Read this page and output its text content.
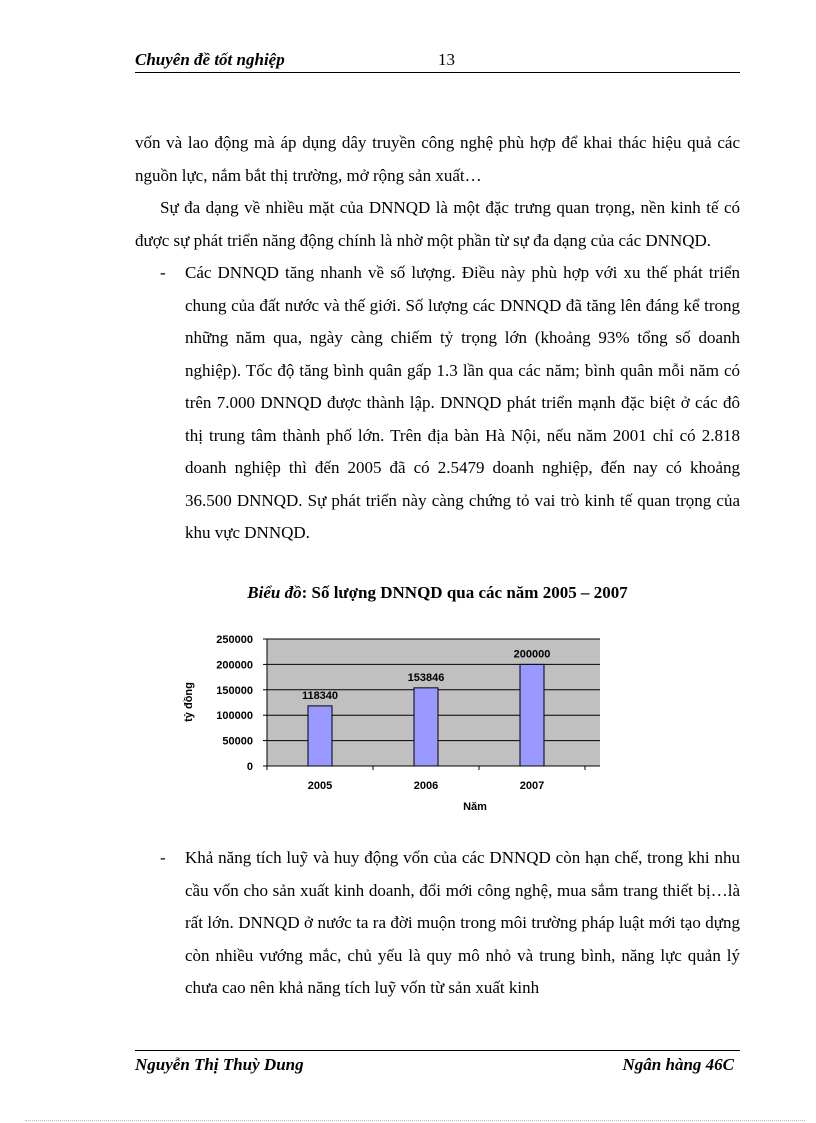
Chuyên đề tốt nghiệp	13

vốn và lao động mà áp dụng dây truyền công nghệ phù hợp để khai thác hiệu quả các nguồn lực, nắm bắt thị trường, mở rộng sản xuất…

Sự đa dạng về nhiều mặt của DNNQD là một đặc trưng quan trọng, nền kinh tế có được sự phát triển năng động chính là nhờ một phần từ sự đa dạng của các DNNQD.

- Các DNNQD tăng nhanh về số lượng. Điều này phù hợp với xu thế phát triển chung của đất nước và thế giới. Số lượng các DNNQD đã tăng lên đáng kể trong những năm qua, ngày càng chiếm tỷ trọng lớn (khoảng 93% tổng số doanh nghiệp). Tốc độ tăng bình quân gấp 1.3 lần qua các năm; bình quân mỗi năm có trên 7.000 DNNQD được thành lập. DNNQD phát triển mạnh đặc biệt ở các đô thị trung tâm thành phố lớn. Trên địa bàn Hà Nội, nếu năm 2001 chỉ có 2.818 doanh nghiệp thì đến 2005 đã có 2.5479 doanh nghiệp, đến nay có khoảng 36.500 DNNQD. Sự phát triển này càng chứng tỏ vai trò kinh tế quan trọng của khu vực DNNQD.

Biểu đồ: Số lượng DNNQD qua các năm 2005 – 2007
118340
153846
200000
0
50000
100000
150000
200000
250000
2005	2006	2007
tỷ đồng
Năm

- Khả năng tích luỹ và huy động vốn của các DNNQD còn hạn chế, trong khi nhu cầu vốn cho sản xuất kinh doanh, đổi mới công nghệ, mua sắm trang thiết bị…là rất lớn. DNNQD ở nước ta ra đời muộn trong môi trường pháp luật mới tạo dựng còn nhiều vướng mắc, chủ yếu là quy mô nhỏ và trung bình, năng lực quản lý chưa cao nên khả năng tích luỹ vốn từ sản xuất kinh

Nguyễn Thị Thuỳ Dung	Ngân hàng 46C
